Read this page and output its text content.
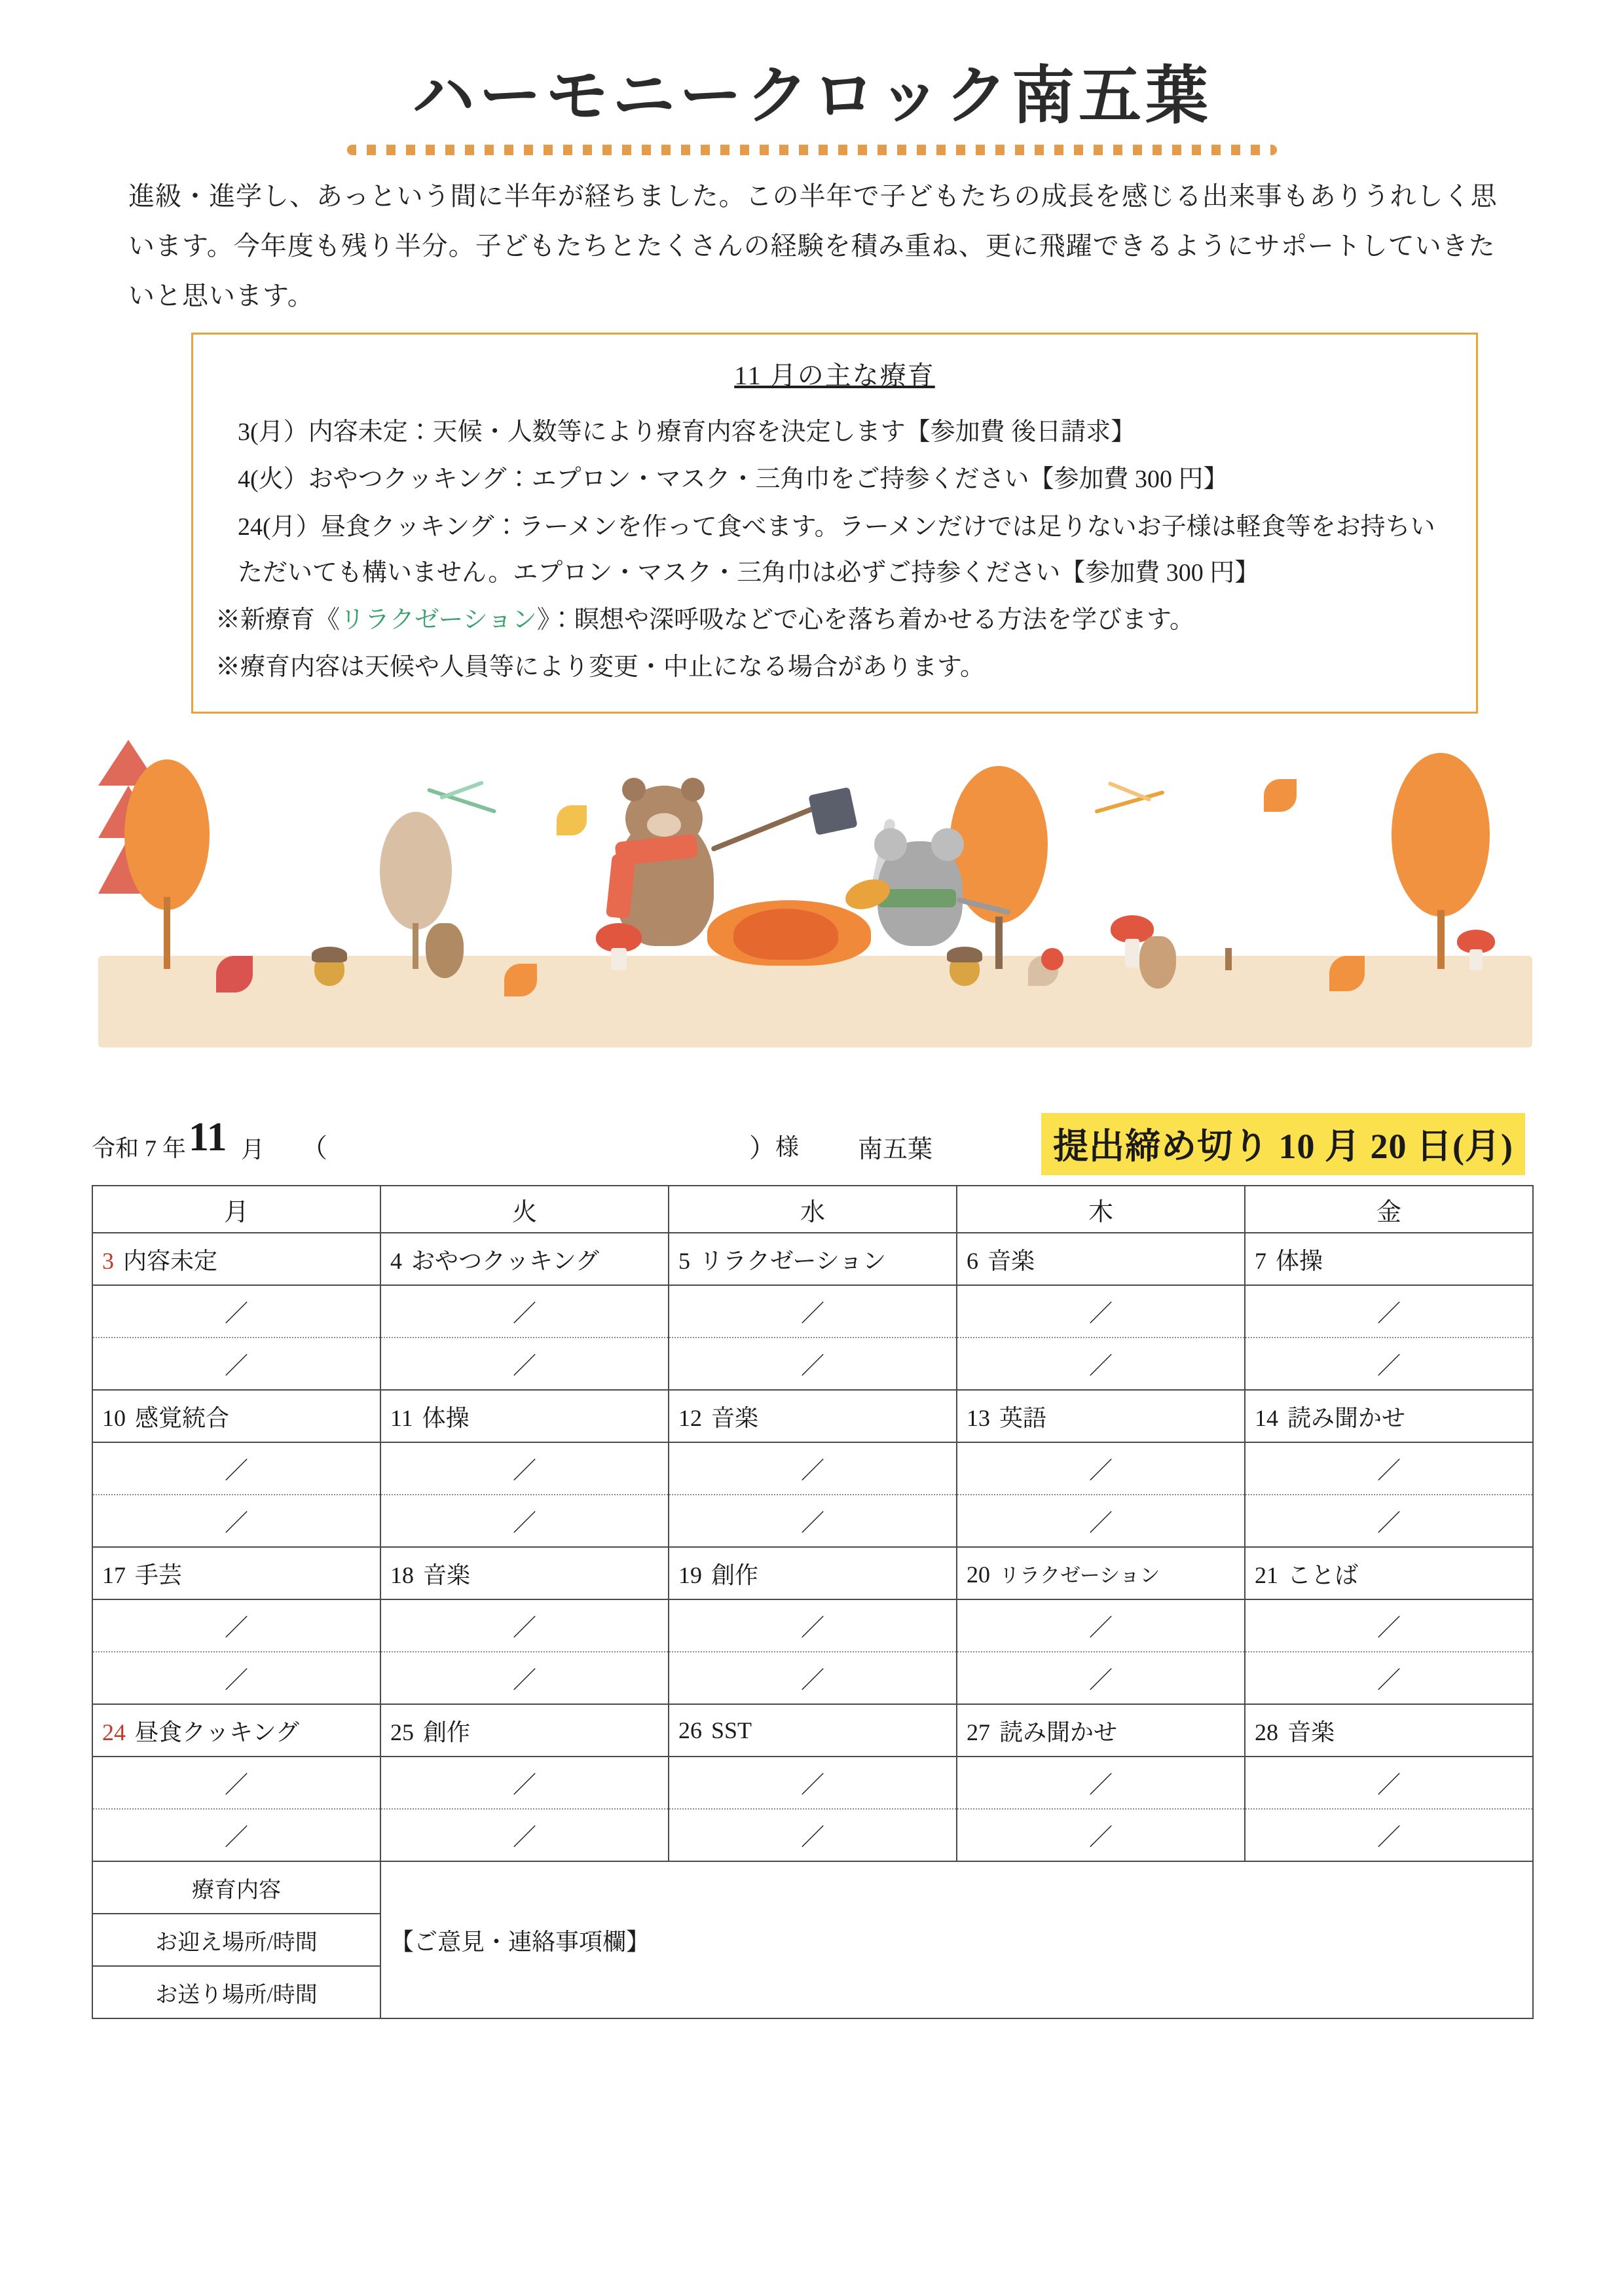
ハーモニークロック南五葉
進級・進学し、あっという間に半年が経ちました。この半年で子どもたちの成長を感じる出来事もありうれしく思います。今年度も残り半分。子どもたちとたくさんの経験を積み重ね、更に飛躍できるようにサポートしていきたいと思います。
11 月の主な療育
3(月）内容未定：天候・人数等により療育内容を決定します【参加費 後日請求】
4(火）おやつクッキング：エプロン・マスク・三角巾をご持参ください【参加費 300 円】
24(月）昼食クッキング：ラーメンを作って食べます。ラーメンだけでは足りないお子様は軽食等をお持ちいただいても構いません。エプロン・マスク・三角巾は必ずご持参ください【参加費 300 円】
※新療育《リラクゼーション》：瞑想や深呼吸などで心を落ち着かせる方法を学びます。
※療育内容は天候や人員等により変更・中止になる場合があります。
令和 7 年 11 月 （	） 様 南五葉	提出締め切り 10 月 20 日(月)
月	火	水	木	金
3 内容未定	4 おやつクッキング	5 リラクゼーション	6 音楽	7 体操
／	／	／	／	／
／	／	／	／	／
10 感覚統合	11 体操	12 音楽	13 英語	14 読み聞かせ
／	／	／	／	／
／	／	／	／	／
17 手芸	18 音楽	19 創作	20 リラクゼーション	21 ことば
／	／	／	／	／
／	／	／	／	／
24 昼食クッキング	25 創作	26 SST	27 読み聞かせ	28 音楽
／	／	／	／	／
／	／	／	／	／
療育内容	【ご意見・連絡事項欄】			
お迎え場所/時間				
お送り場所/時間				
